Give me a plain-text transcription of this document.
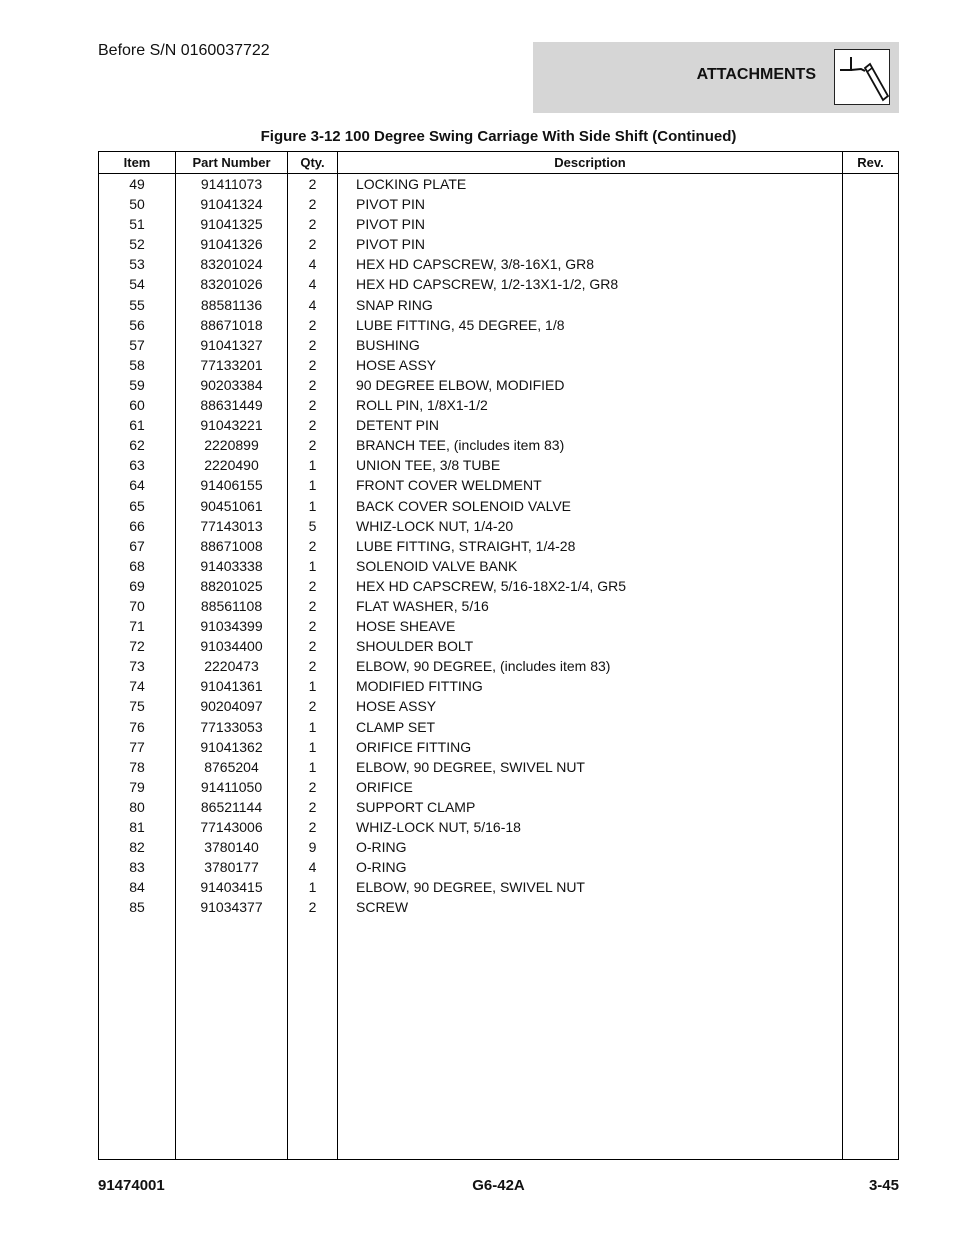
Before S/N 0160037722
ATTACHMENTS
Figure 3-12 100 Degree Swing Carriage With Side Shift (Continued)
Item	Part Number	Qty.	Description	Rev.
49	91411073	2	LOCKING PLATE
50	91041324	2	PIVOT PIN
51	91041325	2	PIVOT PIN
52	91041326	2	PIVOT PIN
53	83201024	4	HEX HD CAPSCREW, 3/8-16X1, GR8
54	83201026	4	HEX HD CAPSCREW, 1/2-13X1-1/2, GR8
55	88581136	4	SNAP RING
56	88671018	2	LUBE FITTING, 45 DEGREE, 1/8
57	91041327	2	BUSHING
58	77133201	2	HOSE ASSY
59	90203384	2	90 DEGREE ELBOW, MODIFIED
60	88631449	2	ROLL PIN, 1/8X1-1/2
61	91043221	2	DETENT PIN
62	2220899	2	BRANCH TEE, (includes item 83)
63	2220490	1	UNION TEE, 3/8 TUBE
64	91406155	1	FRONT COVER WELDMENT
65	90451061	1	BACK COVER SOLENOID VALVE
66	77143013	5	WHIZ-LOCK NUT, 1/4-20
67	88671008	2	LUBE FITTING, STRAIGHT, 1/4-28
68	91403338	1	SOLENOID VALVE BANK
69	88201025	2	HEX HD CAPSCREW, 5/16-18X2-1/4, GR5
70	88561108	2	FLAT WASHER, 5/16
71	91034399	2	HOSE SHEAVE
72	91034400	2	SHOULDER BOLT
73	2220473	2	ELBOW, 90 DEGREE, (includes item 83)
74	91041361	1	MODIFIED FITTING
75	90204097	2	HOSE ASSY
76	77133053	1	CLAMP SET
77	91041362	1	ORIFICE FITTING
78	8765204	1	ELBOW, 90 DEGREE, SWIVEL NUT
79	91411050	2	ORIFICE
80	86521144	2	SUPPORT CLAMP
81	77143006	2	WHIZ-LOCK NUT, 5/16-18
82	3780140	9	O-RING
83	3780177	4	O-RING
84	91403415	1	ELBOW, 90 DEGREE, SWIVEL NUT
85	91034377	2	SCREW
91474001	G6-42A	3-45
